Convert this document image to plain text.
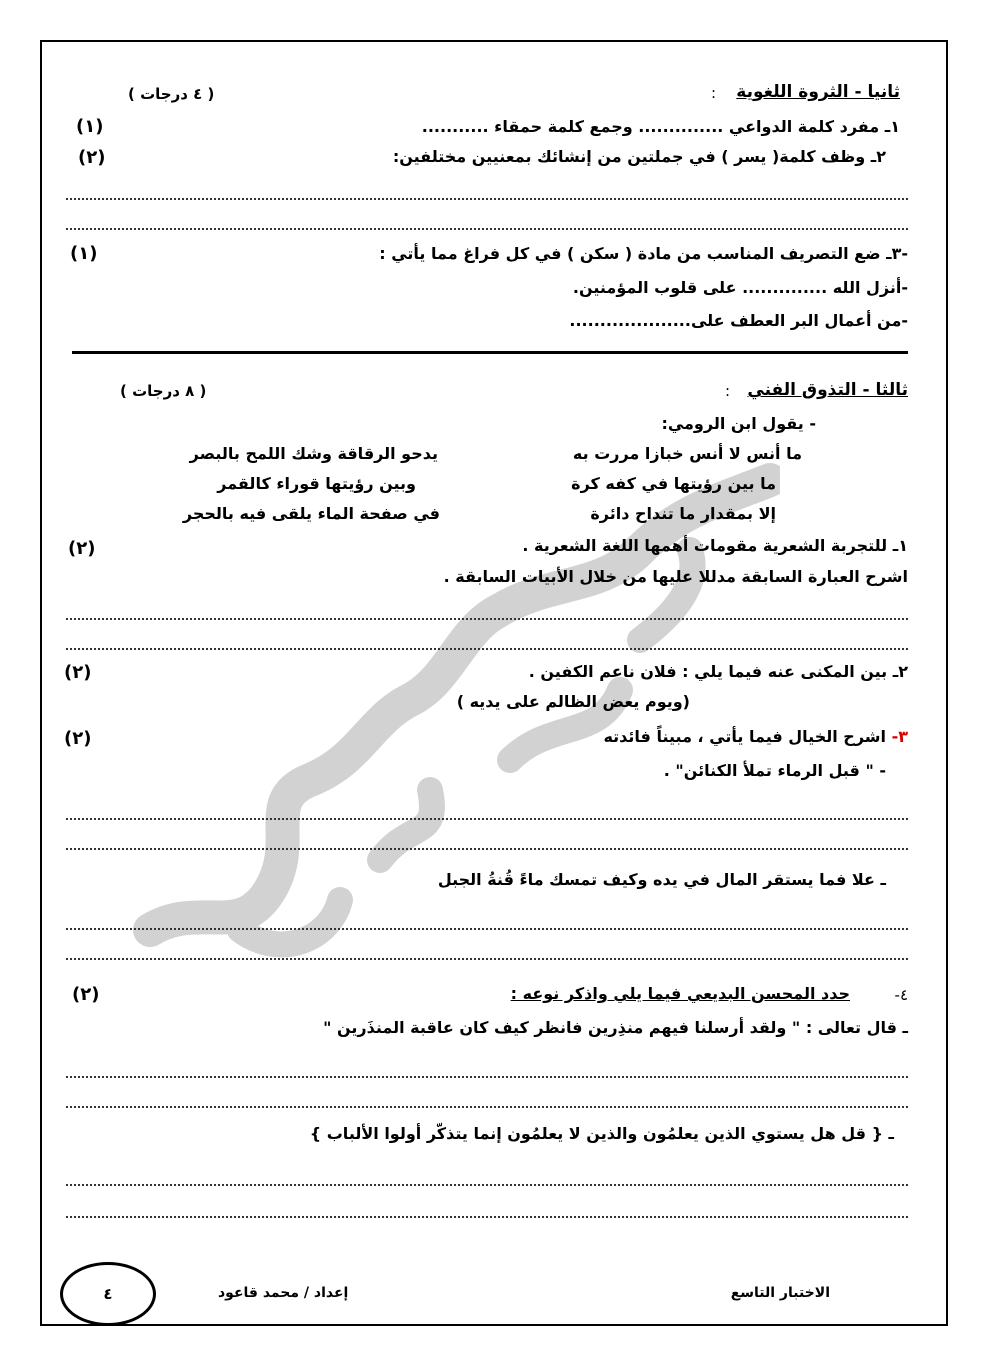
ثانيا - الثروة اللغوية
:
( ٤ درجات )
١ـ مفرد كلمة الدواعي .............. وجمع كلمة حمقاء ...........
(١)
٢ـ وظف كلمة( يسر ) في جملتين من إنشائك بمعنيين مختلفين:
(٢)
-٣ـ ضع التصريف المناسب من مادة ( سكن ) في كل فراغ مما يأتي :
(١)
-أنزل الله .............. على قلوب المؤمنين.
-من أعمال البر العطف على....................
ثالثا - التذوق الفني
:
( ٨ درجات )
- يقول ابن الرومي:
ما أنس لا أنس خبازا مررت به
يدحو الرقاقة وشك اللمح بالبصر
ما بين رؤيتها في كفه كرة
وبين رؤيتها قوراء كالقمر
إلا بمقدار ما تنداح دائرة
في صفحة الماء يلقى فيه بالحجر
١ـ للتجربة الشعرية مقومات أهمها اللغة الشعرية .
(٢)
اشرح العبارة السابقة مدللا عليها من خلال الأبيات السابقة .
٢ـ بين المكنى عنه فيما يلي : فلان ناعم الكفين .
(٢)
(ويوم يعض الظالم على يديه )
٣- اشرح الخيال فيما يأتي ، مبيناً فائدته
(٢)
- " قبل الرماء تملأ الكنائن" .
ـ علا فما يستقر المال في يده وكيف تمسك ماءً قُنةُ الجبل
٤-
حدد المحسن البديعي فيما يلي واذكر نوعه :
(٢)
ـ قال تعالى : " ولقد أرسلنا فيهم منذِرين فانظر كيف كان عاقبة المنذَرين "
ـ { قل هل يستوي الذين يعلمُون والذين لا يعلمُون إنما يتذكّر أولوا الألباب }
٤	إعداد / محمد قاعود	الاختبار التاسع
